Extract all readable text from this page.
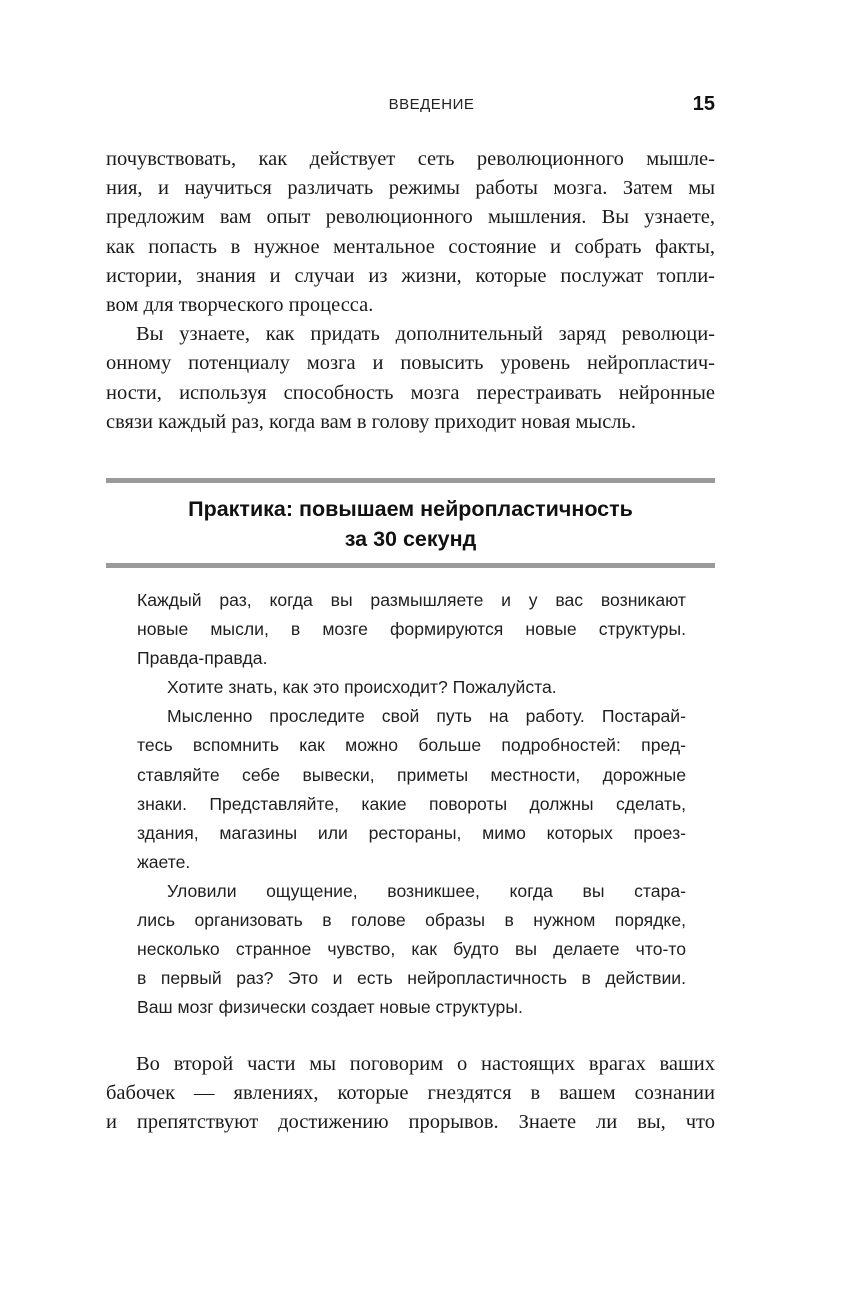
ВВЕДЕНИЕ	15
почувствовать, как действует сеть революционного мышле-
ния, и научиться различать режимы работы мозга. Затем мы
предложим вам опыт революционного мышления. Вы узнаете,
как попасть в нужное ментальное состояние и собрать факты,
истории, знания и случаи из жизни, которые послужат топли-
вом для творческого процесса.
Вы узнаете, как придать дополнительный заряд революци-
онному потенциалу мозга и повысить уровень нейропластич-
ности, используя способность мозга перестраивать нейронные
связи каждый раз, когда вам в голову приходит новая мысль.
Практика: повышаем нейропластичность
за 30 секунд
Каждый раз, когда вы размышляете и у вас возникают
новые мысли, в мозге формируются новые структуры.
Правда-правда.
Хотите знать, как это происходит? Пожалуйста.
Мысленно проследите свой путь на работу. Постарай-
тесь вспомнить как можно больше подробностей: пред-
ставляйте себе вывески, приметы местности, дорожные
знаки. Представляйте, какие повороты должны сделать,
здания, магазины или рестораны, мимо которых проез-
жаете.
Уловили ощущение, возникшее, когда вы стара-
лись организовать в голове образы в нужном порядке,
несколько странное чувство, как будто вы делаете что-то
в первый раз? Это и есть нейропластичность в действии.
Ваш мозг физически создает новые структуры.
Во второй части мы поговорим о настоящих врагах ваших
бабочек — явлениях, которые гнездятся в вашем сознании
и препятствуют достижению прорывов. Знаете ли вы, что
